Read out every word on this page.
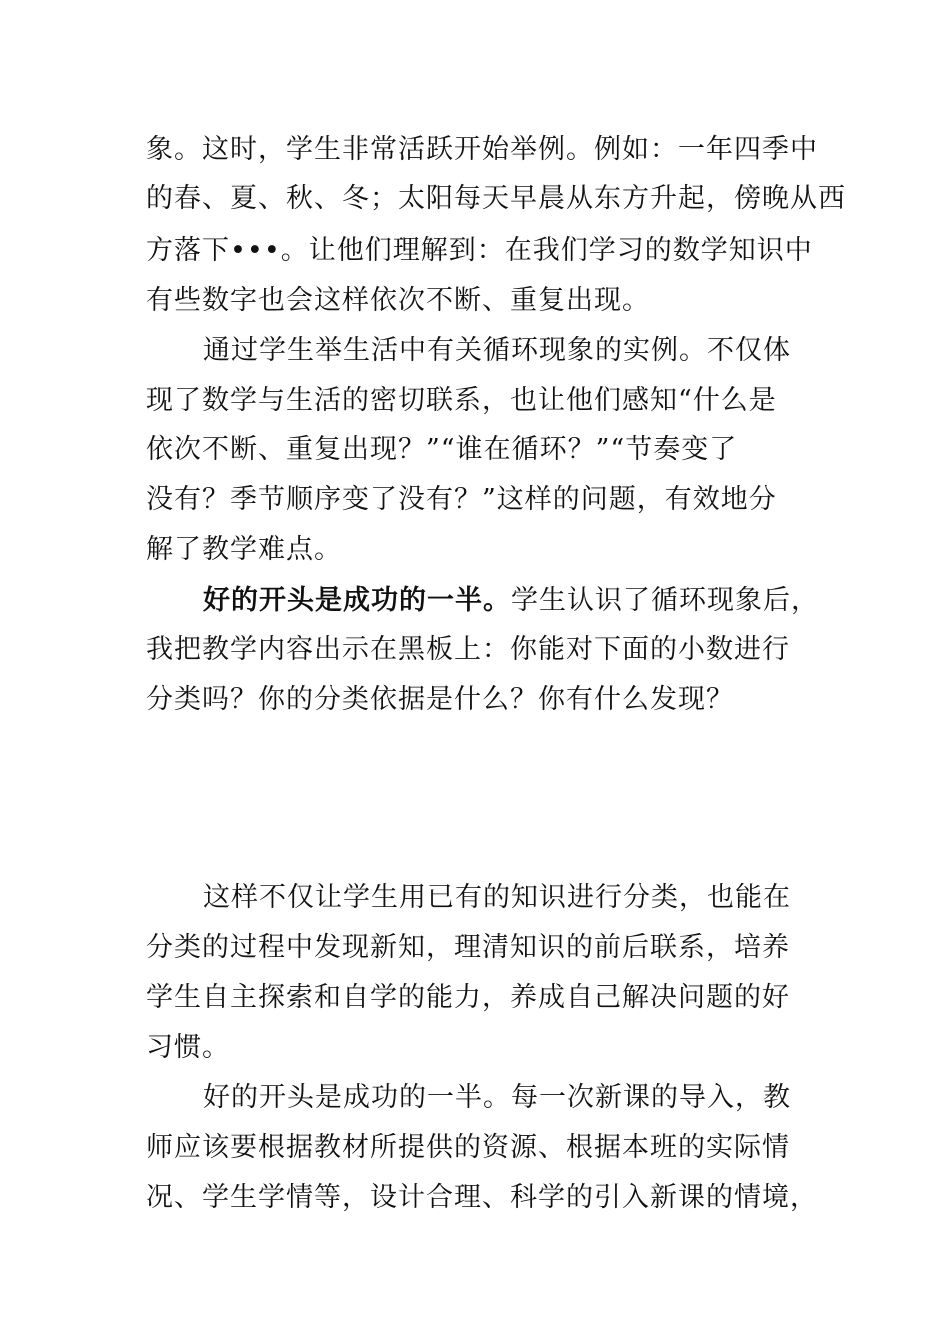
象。这时，学生非常活跃开始举例。例如：一年四季中
的春、夏、秋、冬；太阳每天早晨从东方升起，傍晚从西
方落下•••。让他们理解到：在我们学习的数学知识中
有些数字也会这样依次不断、重复出现。
通过学生举生活中有关循环现象的实例。不仅体
现了数学与生活的密切联系，也让他们感知“什么是
依次不断、重复出现？”“谁在循环？”“节奏变了
没有？季节顺序变了没有？”这样的问题，有效地分
解了教学难点。
好的开头是成功的一半。学生认识了循环现象后，
我把教学内容出示在黑板上：你能对下面的小数进行
分类吗？你的分类依据是什么？你有什么发现？
这样不仅让学生用已有的知识进行分类，也能在
分类的过程中发现新知，理清知识的前后联系，培养
学生自主探索和自学的能力，养成自己解决问题的好
习惯。
好的开头是成功的一半。每一次新课的导入，教
师应该要根据教材所提供的资源、根据本班的实际情
况、学生学情等，设计合理、科学的引入新课的情境，
